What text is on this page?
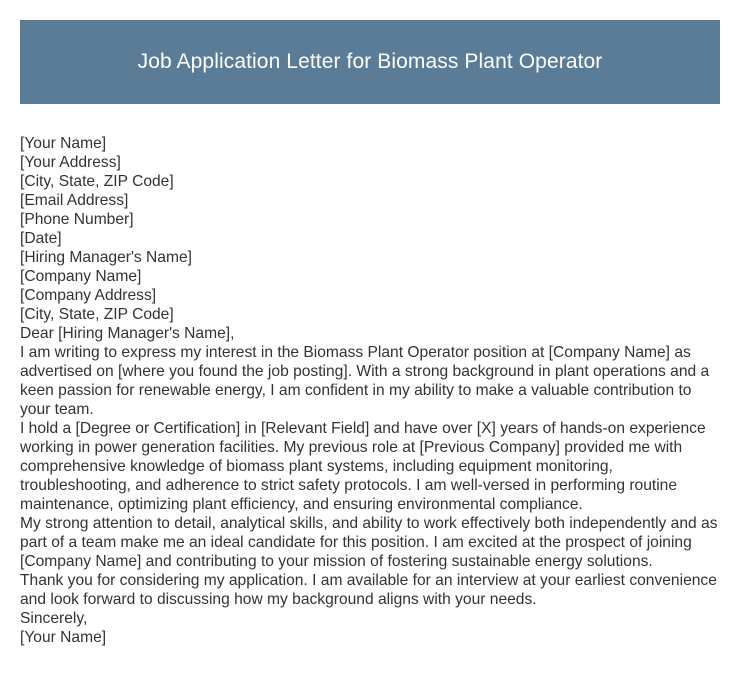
Job Application Letter for Biomass Plant Operator

[Your Name]

[Your Address]

[City, State, ZIP Code]

[Email Address]

[Phone Number]

[Date]

[Hiring Manager's Name]

[Company Name]

[Company Address]

[City, State, ZIP Code]

Dear [Hiring Manager's Name],

I am writing to express my interest in the Biomass Plant Operator position at [Company Name] as advertised on [where you found the job posting]. With a strong background in plant operations and a keen passion for renewable energy, I am confident in my ability to make a valuable contribution to your team.

I hold a [Degree or Certification] in [Relevant Field] and have over [X] years of hands-on experience working in power generation facilities. My previous role at [Previous Company] provided me with comprehensive knowledge of biomass plant systems, including equipment monitoring, troubleshooting, and adherence to strict safety protocols. I am well-versed in performing routine maintenance, optimizing plant efficiency, and ensuring environmental compliance.

My strong attention to detail, analytical skills, and ability to work effectively both independently and as part of a team make me an ideal candidate for this position. I am excited at the prospect of joining [Company Name] and contributing to your mission of fostering sustainable energy solutions.

Thank you for considering my application. I am available for an interview at your earliest convenience and look forward to discussing how my background aligns with your needs.

Sincerely,

[Your Name]
